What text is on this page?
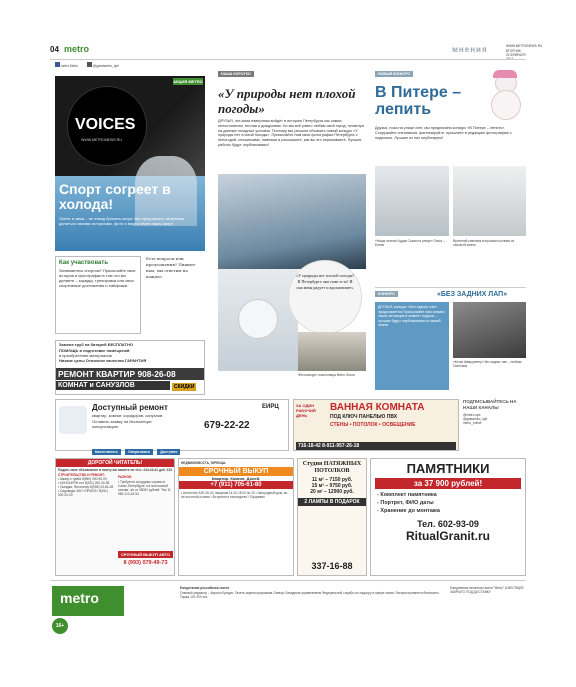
04 metro	мнения	WWW.METRONEWS.RU
ВТОРНИК, 20 ФЕВРАЛЯ
metro Metro	@ganstamtro_spb
VOICES
WWW.METRONEWS.RU
АКЦИЯ METRO
Спорт согреет в холода!
Осень и зима – не повод бросать спорт. Мы предлагаем читателям делиться своими историями, фото и видео через нашу смерт.
Как участвовать
Занимаетесь спортом? Присылайте свое история и фотографии в том что вы делаете – зарядку, тренировки или свои спортивные достижения и лайфхаки.
Есть вопросы или предложения? Пишите нам, мы ответим на каждое.
Замена труб на батарей БЕСПЛАТНО
ПОМОЩЬ в подготовке помещений
в приобретении материалов
Низкие цены Отличное качество ГАРАНТИЯ
РЕМОНТ КВАРТИР 908-26-08
КОМНАТ и САНУЗЛОВ	СКИДКИ
НАША КОРОТКО
«У природы нет плохой погоды»
ДРУЗЬЯ, эта зима наверняка войдёт в историю Петербурга как самая непостоянная, теплая и дождливая. Но мы всё равно любим свой город, несмотря на данные погодные условия. Поэтому мы решили объявить новый конкурс «У природы нет плохой погоды». Присылайте нам свои фотографии Петербурга с непогодой, снежинками, ливнями и расскажите, как вы это переживаете. Лучшие работы будут опубликованы!
«У природы нет плохой погоды! В Петербурге она тоже есть! И она меня радует и вдохновляет»
Фотоконкурс: поклонница Metro Ольга
НОВЫЙ КОНКУРС
В Питере – лепить
Друзья, пока на улице снег, мы предлагаем конкурс «В Питере – лепить». Сооружайте снеговиков, фантазируйте, пришлите в редакцию фотографию с подписью. Лучшие из них опубликуем!
«Наша лесная Худаж Сокая на улице» Ольга – Елень
Весенний снеговик в игровом костюме из обычной жизни
КОНКУРС	«БЕЗ ЗАДНИХ ЛАП»
ДРУЗЬЯ, конкурс «Без задних лап» продолжается! Присылайте нам снимки своих питомцев в момент отдыха – лучшие будут опубликованы в нашей газете.
«Котик Шварцнегер» без задних лап – любовь Светлана
Доступный ремонт
квартир, комнат, коридоров, санузлов
Оставить заявку на бесплатную консультацию:	679-22-22
ЕИРЦ
Качественно	Оперативно	Доступно
ЗА ОДИН РАБОЧИЙ ДЕНЬ
ВАННАЯ КОМНАТА
ПОД КЛЮЧ ПАНЕЛЬЮ ПВХ
СТЕНЫ • ПОТОЛОК • ОСВЕЩЕНИЕ
716-18-42 8-911-957-26-18
ПОДПИСЫВАЙТЕСЬ НА НАШИ КАНАЛЫ
@metro.spb
@gastamtro_spb
metro_online
ДОРОГОЙ ЧИТАТЕЛЬ!
Подать свое объявление в газету вы можете по тел.: 244-43-41 доб. 233
СТРОИТЕЛЬСТВО И РЕМОНТ:
• Шкаф и тумба 8(960) 000-55-00
• КОНСЬЕРЖ тел 8(911) 252-30-55
• Укладка, Фотогалер 8(906) 24-84-28
• Садоводы ЗАО «ПРИСЛ» 8(911) 000-00-00
РАЗНОЕ:
• Требуется сотрудник охраны в Санкт-Петербурге, на постоянной основе, з/п от 35000 рублей. Тел. 8-965-214-43-54
СРОЧНЫЙ ВЫКУП АВТО
8 (993) 079-49-73
НЕДВИЖИМОСТЬ, ЮРЛИЦА:
СРОЧНЫЙ ВЫКУП
Квартир, Комнат, Долей.
+7 (911) 705-61-80
• Агентство АЗ0-26-00, выкупим 14.00-18.00 по 20 • Загородный дом, кв. на льготной основе • Вступили в наследство? Оформим
Студия НАТЯЖНЫХ ПОТОЛКОВ
11 м² – 7150 руб.
15 м² – 9750 руб.
20 м² – 12900 руб.
2 ЛАМПЫ В ПОДАРОК
337-16-88
ПАМЯТНИКИ
за 37 900 рублей!
- Комплект памятника
- Портрет, ФИО даты
- Хранение до монтажа
Тел. 602-93-09
RitualGranit.ru
metro
16+
Ежедневная российская газета
Главный редактор – Кирилл Бредис. Газета зарегистрирована Северо-Западным управлением Федеральной службы по надзору в сфере связи. Распространяется бесплатно. Тираж 101 000 экз.
Ежедневная печатная газета "Metro" 6 МЕСЯЦЕВ ЗАКРЫТО ПОД ДОСТАВКУ
